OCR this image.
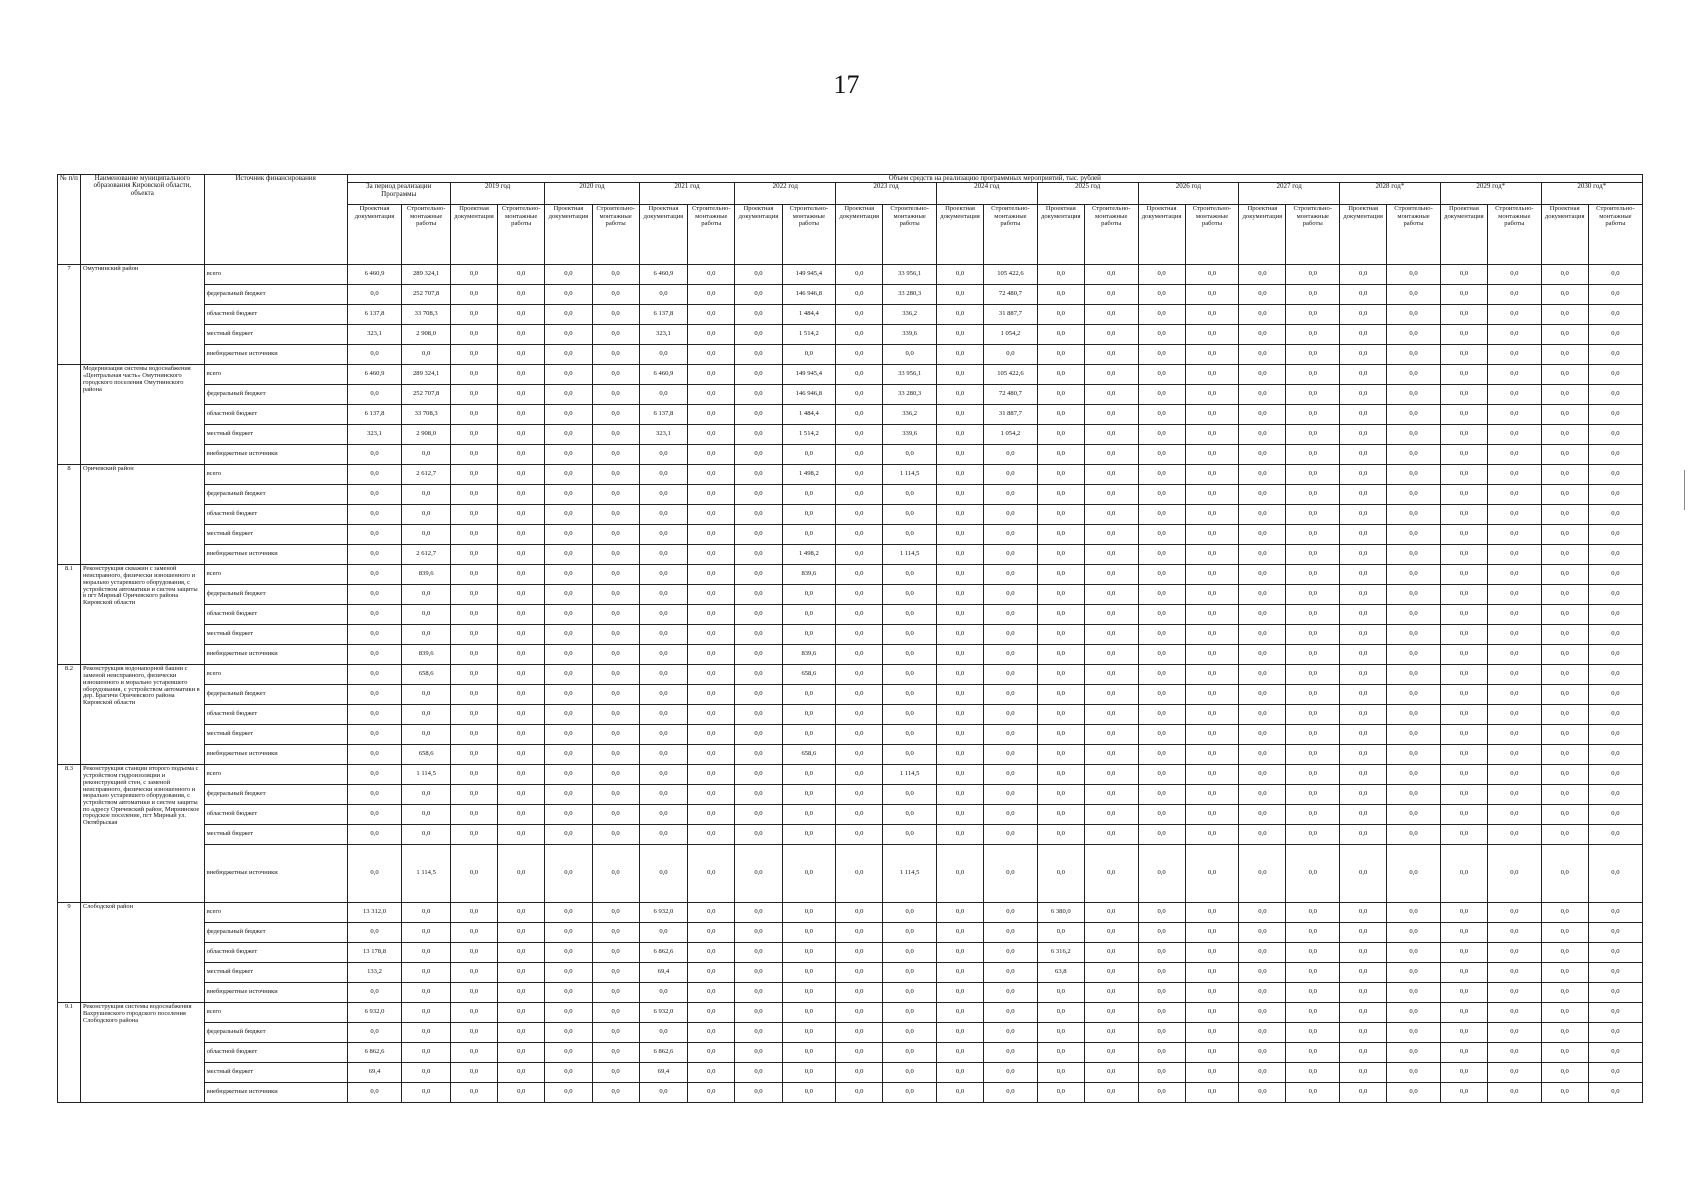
17
№ п/п	Наименование муниципального образования Кировской области, объекта	Источник финансирования	Объем средств на реализацию программных мероприятий, тыс. рублей																									
			За период реализации Программы		2019 год		2020 год		2021 год		2022 год		2023 год		2024 год		2025 год		2026 год		2027 год		2028 год*		2029 год*		2030 год*	
			Проектная документация	Строительно-монтажные работы	Проектная документация	Строительно-монтажные работы	Проектная документация	Строительно-монтажные работы	Проектная документация	Строительно-монтажные работы	Проектная документация	Строительно-монтажные работы	Проектная документация	Строительно-монтажные работы	Проектная документация	Строительно-монтажные работы	Проектная документация	Строительно-монтажные работы	Проектная документация	Строительно-монтажные работы	Проектная документация	Строительно-монтажные работы	Проектная документация	Строительно-монтажные работы	Проектная документация	Строительно-монтажные работы	Проектная документация	Строительно-монтажные работы
7	Омутнинский район	всего	6 460,9	289 324,1	0,0	0,0	0,0	0,0	6 460,9	0,0	0,0	149 945,4	0,0	33 956,1	0,0	105 422,6	0,0	0,0	0,0	0,0	0,0	0,0	0,0	0,0	0,0	0,0	0,0	0,0
		федеральный бюджет	0,0	252 707,8	0,0	0,0	0,0	0,0	0,0	0,0	0,0	146 946,8	0,0	33 280,3	0,0	72 480,7	0,0	0,0	0,0	0,0	0,0	0,0	0,0	0,0	0,0	0,0	0,0	0,0
		областной бюджет	6 137,8	33 708,3	0,0	0,0	0,0	0,0	6 137,8	0,0	0,0	1 484,4	0,0	336,2	0,0	31 887,7	0,0	0,0	0,0	0,0	0,0	0,0	0,0	0,0	0,0	0,0	0,0	0,0
		местный бюджет	323,1	2 908,0	0,0	0,0	0,0	0,0	323,1	0,0	0,0	1 514,2	0,0	339,6	0,0	1 054,2	0,0	0,0	0,0	0,0	0,0	0,0	0,0	0,0	0,0	0,0	0,0	0,0
		внебюджетные источники	0,0	0,0	0,0	0,0	0,0	0,0	0,0	0,0	0,0	0,0	0,0	0,0	0,0	0,0	0,0	0,0	0,0	0,0	0,0	0,0	0,0	0,0	0,0	0,0	0,0	0,0
	Модернизация системы водоснабжения «Центральная часть» Омутнинского городского поселения Омутнинского района	всего	6 460,9	289 324,1	0,0	0,0	0,0	0,0	6 460,9	0,0	0,0	149 945,4	0,0	33 956,1	0,0	105 422,6	0,0	0,0	0,0	0,0	0,0	0,0	0,0	0,0	0,0	0,0	0,0	0,0
		федеральный бюджет	0,0	252 707,8	0,0	0,0	0,0	0,0	0,0	0,0	0,0	146 946,8	0,0	33 280,3	0,0	72 480,7	0,0	0,0	0,0	0,0	0,0	0,0	0,0	0,0	0,0	0,0	0,0	0,0
		областной бюджет	6 137,8	33 708,3	0,0	0,0	0,0	0,0	6 137,8	0,0	0,0	1 484,4	0,0	336,2	0,0	31 887,7	0,0	0,0	0,0	0,0	0,0	0,0	0,0	0,0	0,0	0,0	0,0	0,0
		местный бюджет	323,1	2 908,0	0,0	0,0	0,0	0,0	323,1	0,0	0,0	1 514,2	0,0	339,6	0,0	1 054,2	0,0	0,0	0,0	0,0	0,0	0,0	0,0	0,0	0,0	0,0	0,0	0,0
		внебюджетные источники	0,0	0,0	0,0	0,0	0,0	0,0	0,0	0,0	0,0	0,0	0,0	0,0	0,0	0,0	0,0	0,0	0,0	0,0	0,0	0,0	0,0	0,0	0,0	0,0	0,0	0,0
8	Оричевский район	всего	0,0	2 612,7	0,0	0,0	0,0	0,0	0,0	0,0	0,0	1 498,2	0,0	1 114,5	0,0	0,0	0,0	0,0	0,0	0,0	0,0	0,0	0,0	0,0	0,0	0,0	0,0	0,0
		федеральный бюджет	0,0	0,0	0,0	0,0	0,0	0,0	0,0	0,0	0,0	0,0	0,0	0,0	0,0	0,0	0,0	0,0	0,0	0,0	0,0	0,0	0,0	0,0	0,0	0,0	0,0	0,0
		областной бюджет	0,0	0,0	0,0	0,0	0,0	0,0	0,0	0,0	0,0	0,0	0,0	0,0	0,0	0,0	0,0	0,0	0,0	0,0	0,0	0,0	0,0	0,0	0,0	0,0	0,0	0,0
		местный бюджет	0,0	0,0	0,0	0,0	0,0	0,0	0,0	0,0	0,0	0,0	0,0	0,0	0,0	0,0	0,0	0,0	0,0	0,0	0,0	0,0	0,0	0,0	0,0	0,0	0,0	0,0
		внебюджетные источники	0,0	2 612,7	0,0	0,0	0,0	0,0	0,0	0,0	0,0	1 498,2	0,0	1 114,5	0,0	0,0	0,0	0,0	0,0	0,0	0,0	0,0	0,0	0,0	0,0	0,0	0,0	0,0
8.1	Реконструкция скважин с заменой неисправного, физически изношенного и морально устаревшего оборудования, с устройством автоматики и систем защиты в пгт Мирный Оричевского района Кировской области	всего	0,0	839,6	0,0	0,0	0,0	0,0	0,0	0,0	0,0	839,6	0,0	0,0	0,0	0,0	0,0	0,0	0,0	0,0	0,0	0,0	0,0	0,0	0,0	0,0	0,0	0,0
		федеральный бюджет	0,0	0,0	0,0	0,0	0,0	0,0	0,0	0,0	0,0	0,0	0,0	0,0	0,0	0,0	0,0	0,0	0,0	0,0	0,0	0,0	0,0	0,0	0,0	0,0	0,0	0,0
		областной бюджет	0,0	0,0	0,0	0,0	0,0	0,0	0,0	0,0	0,0	0,0	0,0	0,0	0,0	0,0	0,0	0,0	0,0	0,0	0,0	0,0	0,0	0,0	0,0	0,0	0,0	0,0
		местный бюджет	0,0	0,0	0,0	0,0	0,0	0,0	0,0	0,0	0,0	0,0	0,0	0,0	0,0	0,0	0,0	0,0	0,0	0,0	0,0	0,0	0,0	0,0	0,0	0,0	0,0	0,0
		внебюджетные источники	0,0	839,6	0,0	0,0	0,0	0,0	0,0	0,0	0,0	839,6	0,0	0,0	0,0	0,0	0,0	0,0	0,0	0,0	0,0	0,0	0,0	0,0	0,0	0,0	0,0	0,0
8.2	Реконструкция водонапорной башни с заменой неисправного, физически изношенного и морально устаревшего оборудования, с устройством автоматики в дер. Брагичи Оричевского района Кировской области	всего	0,0	658,6	0,0	0,0	0,0	0,0	0,0	0,0	0,0	658,6	0,0	0,0	0,0	0,0	0,0	0,0	0,0	0,0	0,0	0,0	0,0	0,0	0,0	0,0	0,0	0,0
		федеральный бюджет	0,0	0,0	0,0	0,0	0,0	0,0	0,0	0,0	0,0	0,0	0,0	0,0	0,0	0,0	0,0	0,0	0,0	0,0	0,0	0,0	0,0	0,0	0,0	0,0	0,0	0,0
		областной бюджет	0,0	0,0	0,0	0,0	0,0	0,0	0,0	0,0	0,0	0,0	0,0	0,0	0,0	0,0	0,0	0,0	0,0	0,0	0,0	0,0	0,0	0,0	0,0	0,0	0,0	0,0
		местный бюджет	0,0	0,0	0,0	0,0	0,0	0,0	0,0	0,0	0,0	0,0	0,0	0,0	0,0	0,0	0,0	0,0	0,0	0,0	0,0	0,0	0,0	0,0	0,0	0,0	0,0	0,0
		внебюджетные источники	0,0	658,6	0,0	0,0	0,0	0,0	0,0	0,0	0,0	658,6	0,0	0,0	0,0	0,0	0,0	0,0	0,0	0,0	0,0	0,0	0,0	0,0	0,0	0,0	0,0	0,0
8.3	Реконструкция станции второго подъема с устройством гидроизоляции и реконструкцией стен, с заменой неисправного, физически изношенного и морально устаревшего оборудования, с устройством автоматики и систем защиты по адресу Оричевский район, Мирнинское городское поселение, пгт Мирный ул. Октябрьская	всего	0,0	1 114,5	0,0	0,0	0,0	0,0	0,0	0,0	0,0	0,0	0,0	1 114,5	0,0	0,0	0,0	0,0	0,0	0,0	0,0	0,0	0,0	0,0	0,0	0,0	0,0	0,0
		федеральный бюджет	0,0	0,0	0,0	0,0	0,0	0,0	0,0	0,0	0,0	0,0	0,0	0,0	0,0	0,0	0,0	0,0	0,0	0,0	0,0	0,0	0,0	0,0	0,0	0,0	0,0	0,0
		областной бюджет	0,0	0,0	0,0	0,0	0,0	0,0	0,0	0,0	0,0	0,0	0,0	0,0	0,0	0,0	0,0	0,0	0,0	0,0	0,0	0,0	0,0	0,0	0,0	0,0	0,0	0,0
		местный бюджет	0,0	0,0	0,0	0,0	0,0	0,0	0,0	0,0	0,0	0,0	0,0	0,0	0,0	0,0	0,0	0,0	0,0	0,0	0,0	0,0	0,0	0,0	0,0	0,0	0,0	0,0
		внебюджетные источники	0,0	1 114,5	0,0	0,0	0,0	0,0	0,0	0,0	0,0	0,0	0,0	1 114,5	0,0	0,0	0,0	0,0	0,0	0,0	0,0	0,0	0,0	0,0	0,0	0,0	0,0	0,0
9	Слободской район	всего	13 312,0	0,0	0,0	0,0	0,0	0,0	6 932,0	0,0	0,0	0,0	0,0	0,0	0,0	0,0	6 380,0	0,0	0,0	0,0	0,0	0,0	0,0	0,0	0,0	0,0	0,0	0,0
		федеральный бюджет	0,0	0,0	0,0	0,0	0,0	0,0	0,0	0,0	0,0	0,0	0,0	0,0	0,0	0,0	0,0	0,0	0,0	0,0	0,0	0,0	0,0	0,0	0,0	0,0	0,0	0,0
		областной бюджет	13 178,8	0,0	0,0	0,0	0,0	0,0	6 862,6	0,0	0,0	0,0	0,0	0,0	0,0	0,0	6 316,2	0,0	0,0	0,0	0,0	0,0	0,0	0,0	0,0	0,0	0,0	0,0
		местный бюджет	133,2	0,0	0,0	0,0	0,0	0,0	69,4	0,0	0,0	0,0	0,0	0,0	0,0	0,0	63,8	0,0	0,0	0,0	0,0	0,0	0,0	0,0	0,0	0,0	0,0	0,0
		внебюджетные источники	0,0	0,0	0,0	0,0	0,0	0,0	0,0	0,0	0,0	0,0	0,0	0,0	0,0	0,0	0,0	0,0	0,0	0,0	0,0	0,0	0,0	0,0	0,0	0,0	0,0	0,0
9.1	Реконструкция системы водоснабжения Вахрушевского городского поселения Слободского района	всего	6 932,0	0,0	0,0	0,0	0,0	0,0	6 932,0	0,0	0,0	0,0	0,0	0,0	0,0	0,0	0,0	0,0	0,0	0,0	0,0	0,0	0,0	0,0	0,0	0,0	0,0	0,0
		федеральный бюджет	0,0	0,0	0,0	0,0	0,0	0,0	0,0	0,0	0,0	0,0	0,0	0,0	0,0	0,0	0,0	0,0	0,0	0,0	0,0	0,0	0,0	0,0	0,0	0,0	0,0	0,0
		областной бюджет	6 862,6	0,0	0,0	0,0	0,0	0,0	6 862,6	0,0	0,0	0,0	0,0	0,0	0,0	0,0	0,0	0,0	0,0	0,0	0,0	0,0	0,0	0,0	0,0	0,0	0,0	0,0
		местный бюджет	69,4	0,0	0,0	0,0	0,0	0,0	69,4	0,0	0,0	0,0	0,0	0,0	0,0	0,0	0,0	0,0	0,0	0,0	0,0	0,0	0,0	0,0	0,0	0,0	0,0	0,0
		внебюджетные источники	0,0	0,0	0,0	0,0	0,0	0,0	0,0	0,0	0,0	0,0	0,0	0,0	0,0	0,0	0,0	0,0	0,0	0,0	0,0	0,0	0,0	0,0	0,0	0,0	0,0	0,0
